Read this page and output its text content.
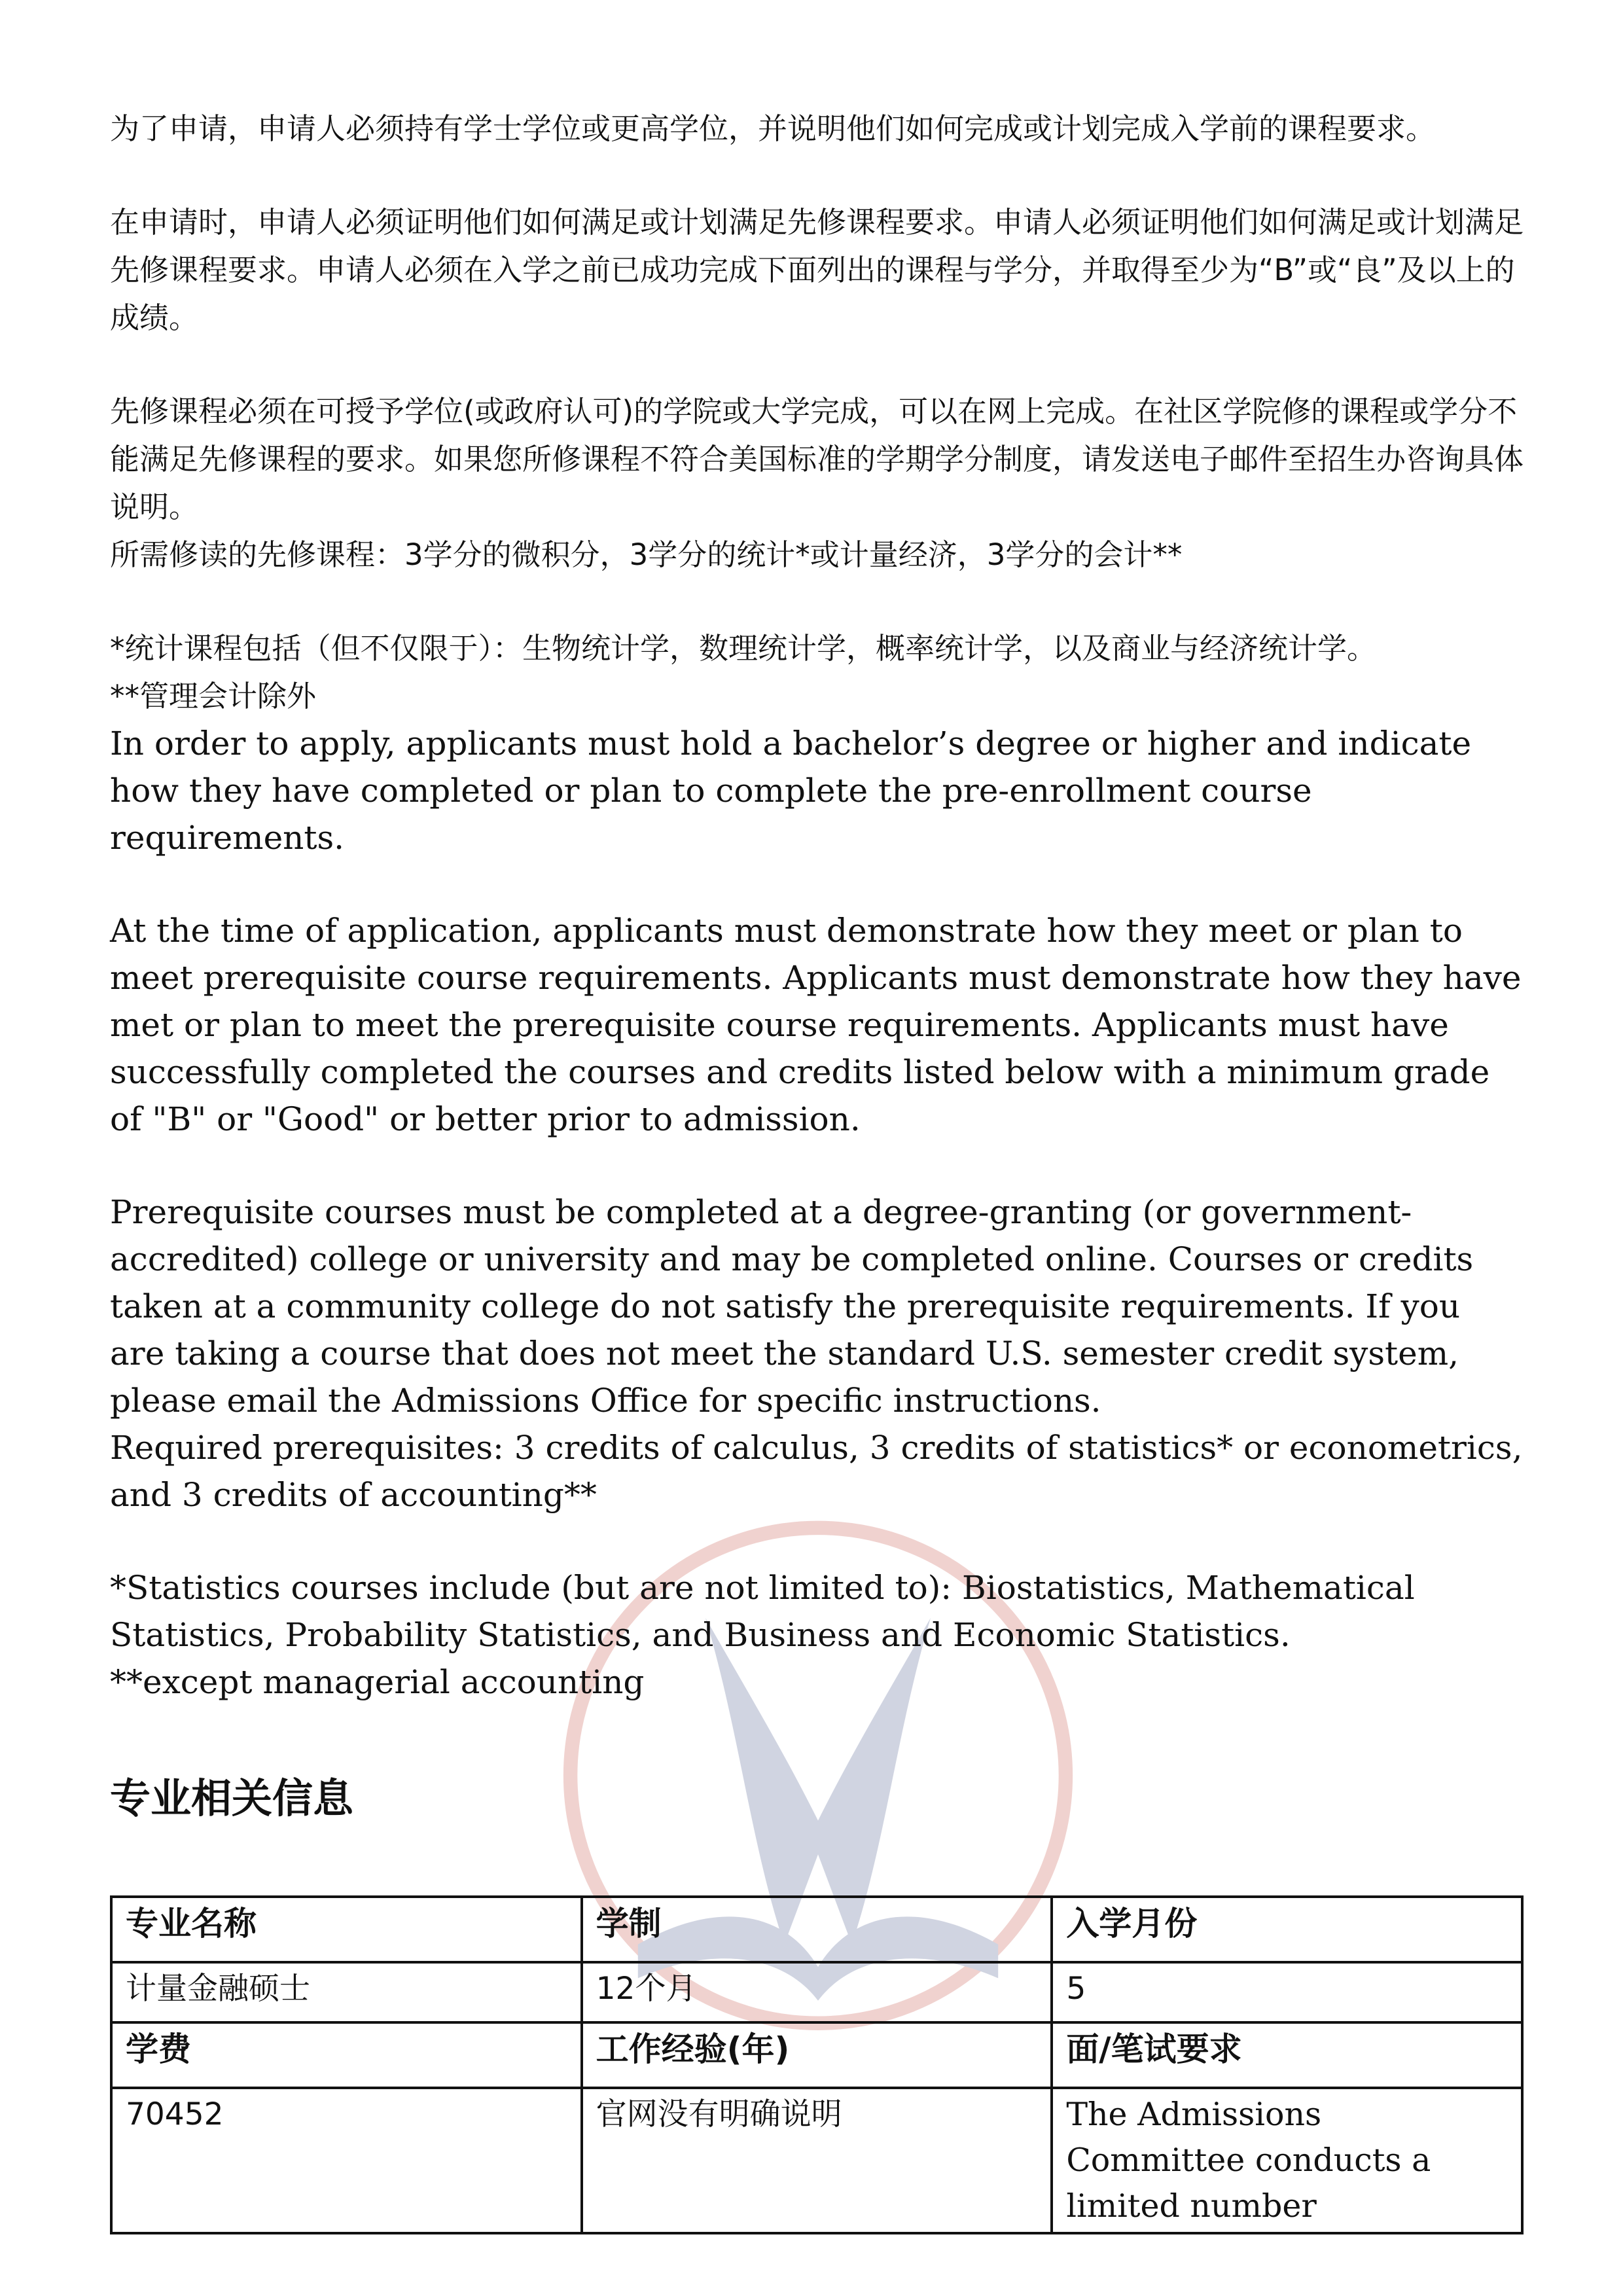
为了申请，申请人必须持有学士学位或更高学位，并说明他们如何完成或计划完成入学前的课程要求。

在申请时，申请人必须证明他们如何满足或计划满足先修课程要求。申请人必须证明他们如何满足或计划满足先修课程要求。申请人必须在入学之前已成功完成下面列出的课程与学分，并取得至少为“B”或“良”及以上的成绩。

先修课程必须在可授予学位(或政府认可)的学院或大学完成，可以在网上完成。在社区学院修的课程或学分不能满足先修课程的要求。如果您所修课程不符合美国标准的学期学分制度，请发送电子邮件至招生办咨询具体说明。

所需修读的先修课程：3学分的微积分，3学分的统计*或计量经济，3学分的会计**

*统计课程包括（但不仅限于）：生物统计学，数理统计学，概率统计学，以及商业与经济统计学。

**管理会计除外

In order to apply, applicants must hold a bachelor’s degree or higher and indicate how they have completed or plan to complete the pre-enrollment course requirements.

At the time of application, applicants must demonstrate how they meet or plan to meet prerequisite course requirements. Applicants must demonstrate how they have met or plan to meet the prerequisite course requirements. Applicants must have successfully completed the courses and credits listed below with a minimum grade of "B" or "Good" or better prior to admission.

Prerequisite courses must be completed at a degree-granting (or government-accredited) college or university and may be completed online. Courses or credits taken at a community college do not satisfy the prerequisite requirements. If you are taking a course that does not meet the standard U.S. semester credit system, please email the Admissions Office for specific instructions.

Required prerequisites: 3 credits of calculus, 3 credits of statistics* or econometrics, and 3 credits of accounting**

*Statistics courses include (but are not limited to): Biostatistics, Mathematical Statistics, Probability Statistics, and Business and Economic Statistics.

**except managerial accounting

专业相关信息
专业名称	学制	入学月份
计量金融硕士	12个月	5
学费	工作经验(年)	面/笔试要求
70452	官网没有明确说明	The Admissions Committee conducts a limited number
